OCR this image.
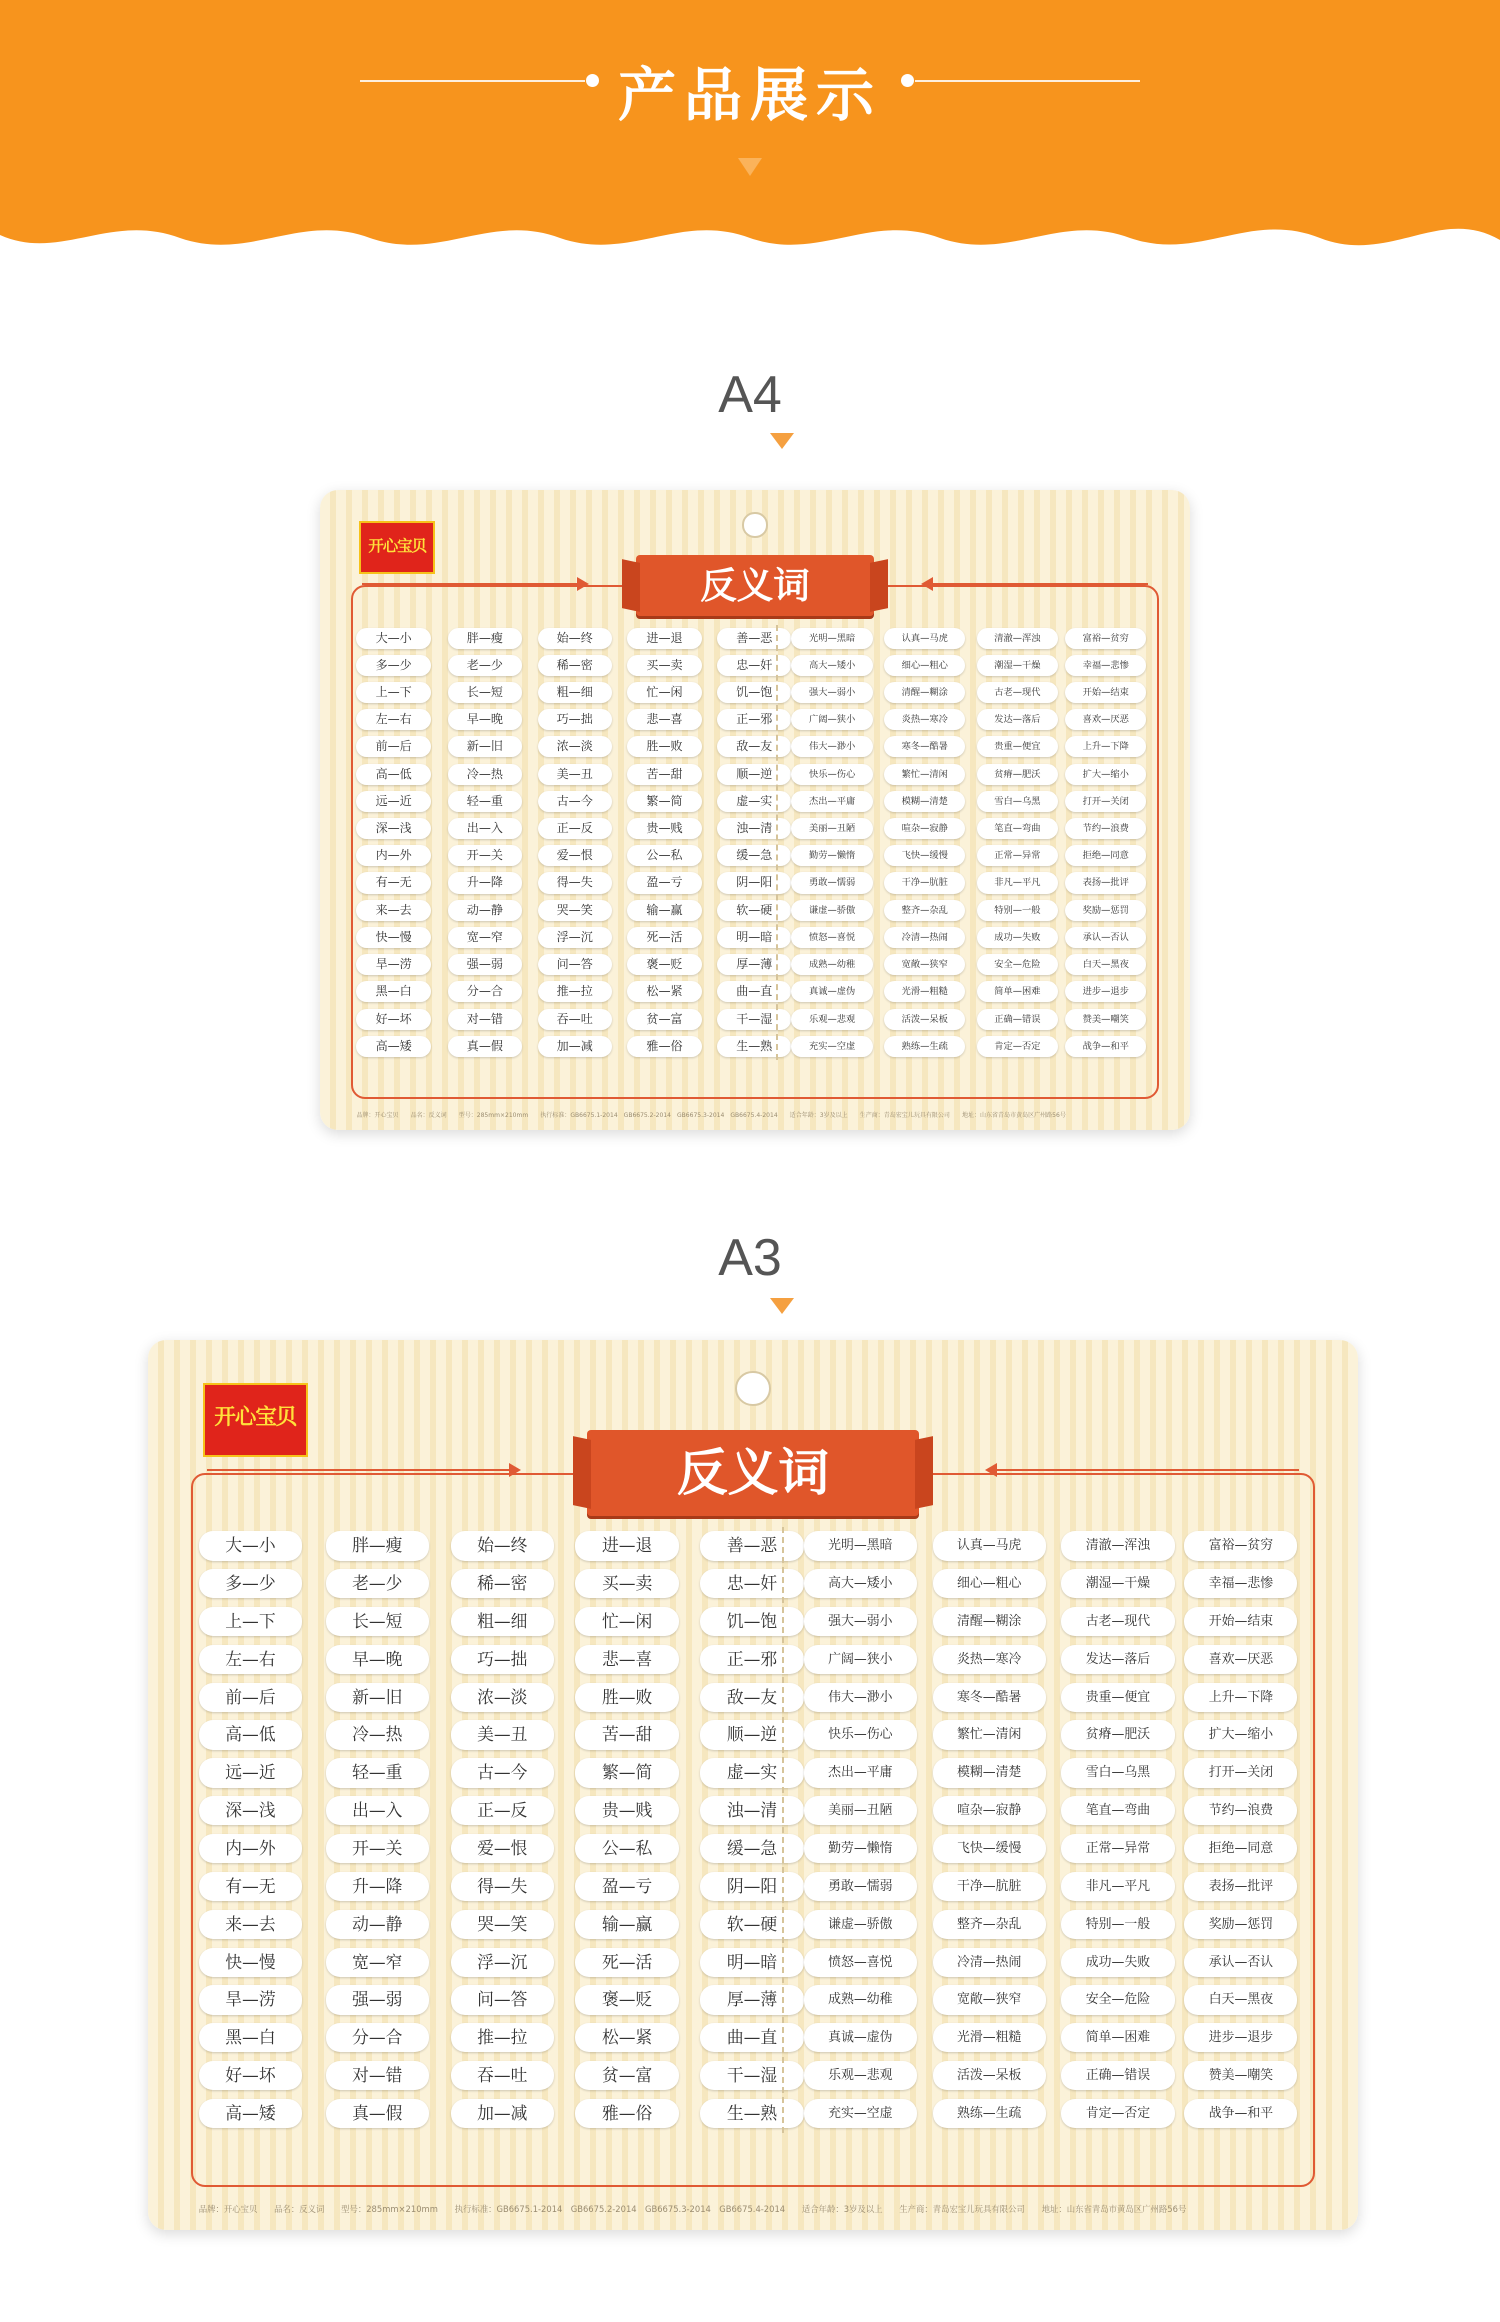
产品展示
A4
开心宝贝
反义词
大—小
多—少
上—下
左—右
前—后
高—低
远—近
深—浅
内—外
有—无
来—去
快—慢
旱—涝
黑—白
好—坏
高—矮
胖—瘦
老—少
长—短
早—晚
新—旧
冷—热
轻—重
出—入
开—关
升—降
动—静
宽—窄
强—弱
分—合
对—错
真—假
始—终
稀—密
粗—细
巧—拙
浓—淡
美—丑
古—今
正—反
爱—恨
得—失
哭—笑
浮—沉
问—答
推—拉
吞—吐
加—减
进—退
买—卖
忙—闲
悲—喜
胜—败
苦—甜
繁—简
贵—贱
公—私
盈—亏
输—赢
死—活
褒—贬
松—紧
贫—富
雅—俗
善—恶
忠—奸
饥—饱
正—邪
敌—友
顺—逆
虚—实
浊—清
缓—急
阴—阳
软—硬
明—暗
厚—薄
曲—直
干—湿
生—熟
光明—黑暗
高大—矮小
强大—弱小
广阔—狭小
伟大—渺小
快乐—伤心
杰出—平庸
美丽—丑陋
勤劳—懒惰
勇敢—懦弱
谦虚—骄傲
愤怒—喜悦
成熟—幼稚
真诚—虚伪
乐观—悲观
充实—空虚
认真—马虎
细心—粗心
清醒—糊涂
炎热—寒冷
寒冬—酷暑
繁忙—清闲
模糊—清楚
喧杂—寂静
飞快—缓慢
干净—肮脏
整齐—杂乱
冷清—热闹
宽敞—狭窄
光滑—粗糙
活泼—呆板
熟练—生疏
清澈—浑浊
潮湿—干燥
古老—现代
发达—落后
贵重—便宜
贫瘠—肥沃
雪白—乌黑
笔直—弯曲
正常—异常
非凡—平凡
特别—一般
成功—失败
安全—危险
简单—困难
正确—错误
肯定—否定
富裕—贫穷
幸福—悲惨
开始—结束
喜欢—厌恶
上升—下降
扩大—缩小
打开—关闭
节约—浪费
拒绝—同意
表扬—批评
奖励—惩罚
承认—否认
白天—黑夜
进步—退步
赞美—嘲笑
战争—和平
品牌：开心宝贝　　品名：反义词　　型号：285mm×210mm　　执行标准：GB6675.1-2014　GB6675.2-2014　GB6675.3-2014　GB6675.4-2014　　适合年龄：3岁及以上　　生产商：青岛宏宝儿玩具有限公司　　地址：山东省青岛市黄岛区广州路56号
A3
开心宝贝
反义词
大—小
多—少
上—下
左—右
前—后
高—低
远—近
深—浅
内—外
有—无
来—去
快—慢
旱—涝
黑—白
好—坏
高—矮
胖—瘦
老—少
长—短
早—晚
新—旧
冷—热
轻—重
出—入
开—关
升—降
动—静
宽—窄
强—弱
分—合
对—错
真—假
始—终
稀—密
粗—细
巧—拙
浓—淡
美—丑
古—今
正—反
爱—恨
得—失
哭—笑
浮—沉
问—答
推—拉
吞—吐
加—减
进—退
买—卖
忙—闲
悲—喜
胜—败
苦—甜
繁—简
贵—贱
公—私
盈—亏
输—赢
死—活
褒—贬
松—紧
贫—富
雅—俗
善—恶
忠—奸
饥—饱
正—邪
敌—友
顺—逆
虚—实
浊—清
缓—急
阴—阳
软—硬
明—暗
厚—薄
曲—直
干—湿
生—熟
光明—黑暗
高大—矮小
强大—弱小
广阔—狭小
伟大—渺小
快乐—伤心
杰出—平庸
美丽—丑陋
勤劳—懒惰
勇敢—懦弱
谦虚—骄傲
愤怒—喜悦
成熟—幼稚
真诚—虚伪
乐观—悲观
充实—空虚
认真—马虎
细心—粗心
清醒—糊涂
炎热—寒冷
寒冬—酷暑
繁忙—清闲
模糊—清楚
喧杂—寂静
飞快—缓慢
干净—肮脏
整齐—杂乱
冷清—热闹
宽敞—狭窄
光滑—粗糙
活泼—呆板
熟练—生疏
清澈—浑浊
潮湿—干燥
古老—现代
发达—落后
贵重—便宜
贫瘠—肥沃
雪白—乌黑
笔直—弯曲
正常—异常
非凡—平凡
特别—一般
成功—失败
安全—危险
简单—困难
正确—错误
肯定—否定
富裕—贫穷
幸福—悲惨
开始—结束
喜欢—厌恶
上升—下降
扩大—缩小
打开—关闭
节约—浪费
拒绝—同意
表扬—批评
奖励—惩罚
承认—否认
白天—黑夜
进步—退步
赞美—嘲笑
战争—和平
品牌：开心宝贝　　品名：反义词　　型号：285mm×210mm　　执行标准：GB6675.1-2014　GB6675.2-2014　GB6675.3-2014　GB6675.4-2014　　适合年龄：3岁及以上　　生产商：青岛宏宝儿玩具有限公司　　地址：山东省青岛市黄岛区广州路56号
